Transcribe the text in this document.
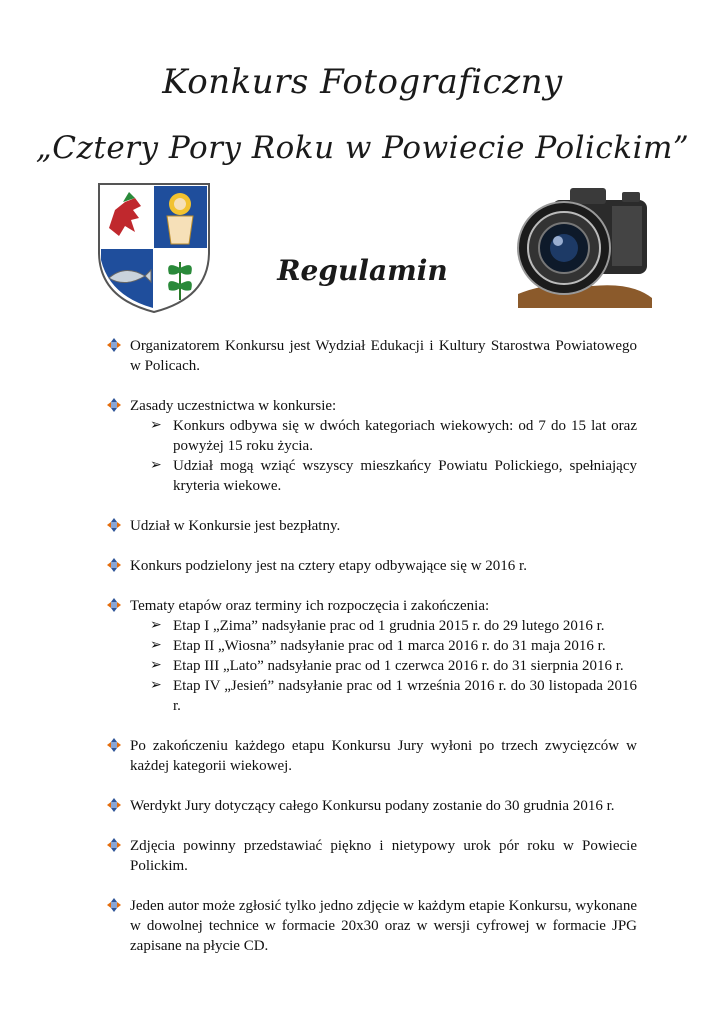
Konkurs Fotograficzny
„Cztery Pory Roku w Powiecie Polickim”
Regulamin
Organizatorem Konkursu jest Wydział Edukacji i Kultury Starostwa Powiatowego w Policach.
Zasady uczestnictwa w konkursie:
➢ Konkurs odbywa się w dwóch kategoriach wiekowych: od 7 do 15 lat oraz powyżej 15 roku życia.
➢ Udział mogą wziąć wszyscy mieszkańcy Powiatu Polickiego, spełniający kryteria wiekowe.
Udział w Konkursie jest bezpłatny.
Konkurs podzielony jest na cztery etapy odbywające się w 2016 r.
Tematy etapów oraz terminy ich rozpoczęcia i zakończenia:
➢ Etap I „Zima” nadsyłanie prac od 1 grudnia 2015 r. do 29 lutego 2016 r.
➢ Etap II „Wiosna” nadsyłanie prac od 1 marca 2016 r. do 31 maja 2016 r.
➢ Etap III „Lato” nadsyłanie prac od 1 czerwca 2016 r. do 31 sierpnia 2016 r.
➢ Etap IV „Jesień” nadsyłanie prac od 1 września 2016 r. do 30 listopada 2016 r.
Po zakończeniu każdego etapu Konkursu Jury wyłoni po trzech zwycięzców w każdej kategorii wiekowej.
Werdykt Jury dotyczący całego Konkursu podany zostanie do 30 grudnia 2016 r.
Zdjęcia powinny przedstawiać piękno i nietypowy urok pór roku w Powiecie Polickim.
Jeden autor może zgłosić tylko jedno zdjęcie w każdym etapie Konkursu, wykonane w dowolnej technice w formacie 20x30 oraz w wersji cyfrowej w formacie JPG zapisane na płycie CD.
